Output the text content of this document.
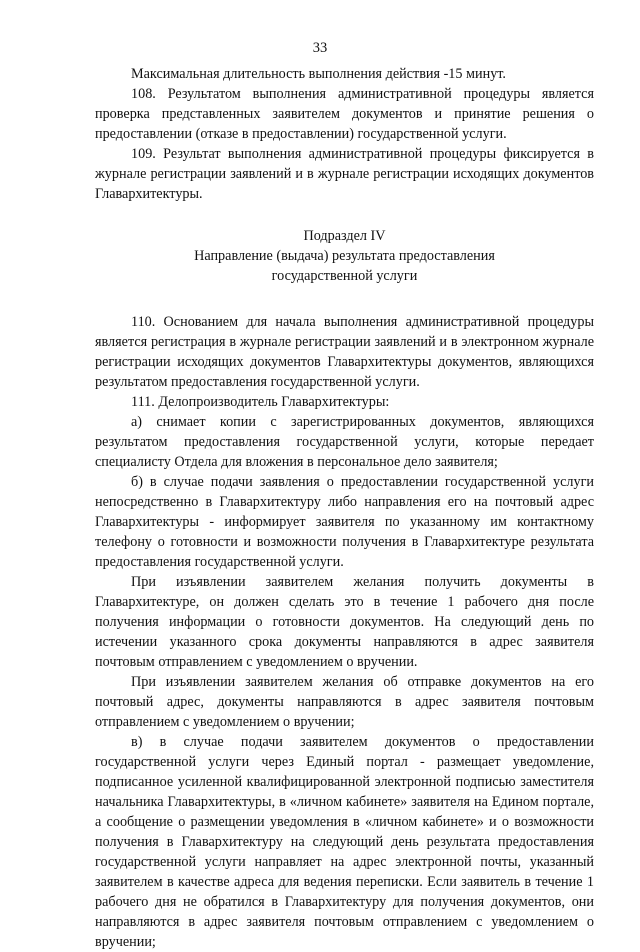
33

Максимальная длительность выполнения действия -15 минут.

108. Результатом выполнения административной процедуры является проверка представленных заявителем документов и принятие решения о предоставлении (отказе в предоставлении) государственной услуги.

109. Результат выполнения административной процедуры фиксируется в журнале регистрации заявлений и в журнале регистрации исходящих документов Главархитектуры.

Подраздел IV

Направление (выдача) результата предоставления

государственной услуги

110. Основанием для начала выполнения административной процедуры является регистрация в журнале регистрации заявлений и в электронном журнале регистрации исходящих документов Главархитектуры документов, являющихся результатом предоставления государственной услуги.

111. Делопроизводитель Главархитектуры:

а) снимает копии с зарегистрированных документов, являющихся результатом предоставления государственной услуги, которые передает специалисту Отдела для вложения в персональное дело заявителя;

б) в случае подачи заявления о предоставлении государственной услуги непосредственно в Главархитектуру либо направления его на почтовый адрес Главархитектуры - информирует заявителя по указанному им контактному телефону о готовности и возможности получения в Главархитектуре результата предоставления государственной услуги.

При изъявлении заявителем желания получить документы в Главархитектуре, он должен сделать это в течение 1 рабочего дня после получения информации о готовности документов. На следующий день по истечении указанного срока документы направляются в адрес заявителя почтовым отправлением с уведомлением о вручении.

При изъявлении заявителем желания об отправке документов на его почтовый адрес, документы направляются в адрес заявителя почтовым отправлением с уведомлением о вручении;

в) в случае подачи заявителем документов о предоставлении государственной услуги через Единый портал - размещает уведомление, подписанное усиленной квалифицированной электронной подписью заместителя начальника Главархитектуры, в «личном кабинете» заявителя на Едином портале, а сообщение о размещении уведомления в «личном кабинете» и о возможности получения в Главархитектуру на следующий день результата предоставления государственной услуги направляет на адрес электронной почты, указанный заявителем в качестве адреса для ведения переписки. Если заявитель в течение 1 рабочего дня не обратился в Главархитектуру для получения документов, они направляются в адрес заявителя почтовым отправлением с уведомлением о вручении;
